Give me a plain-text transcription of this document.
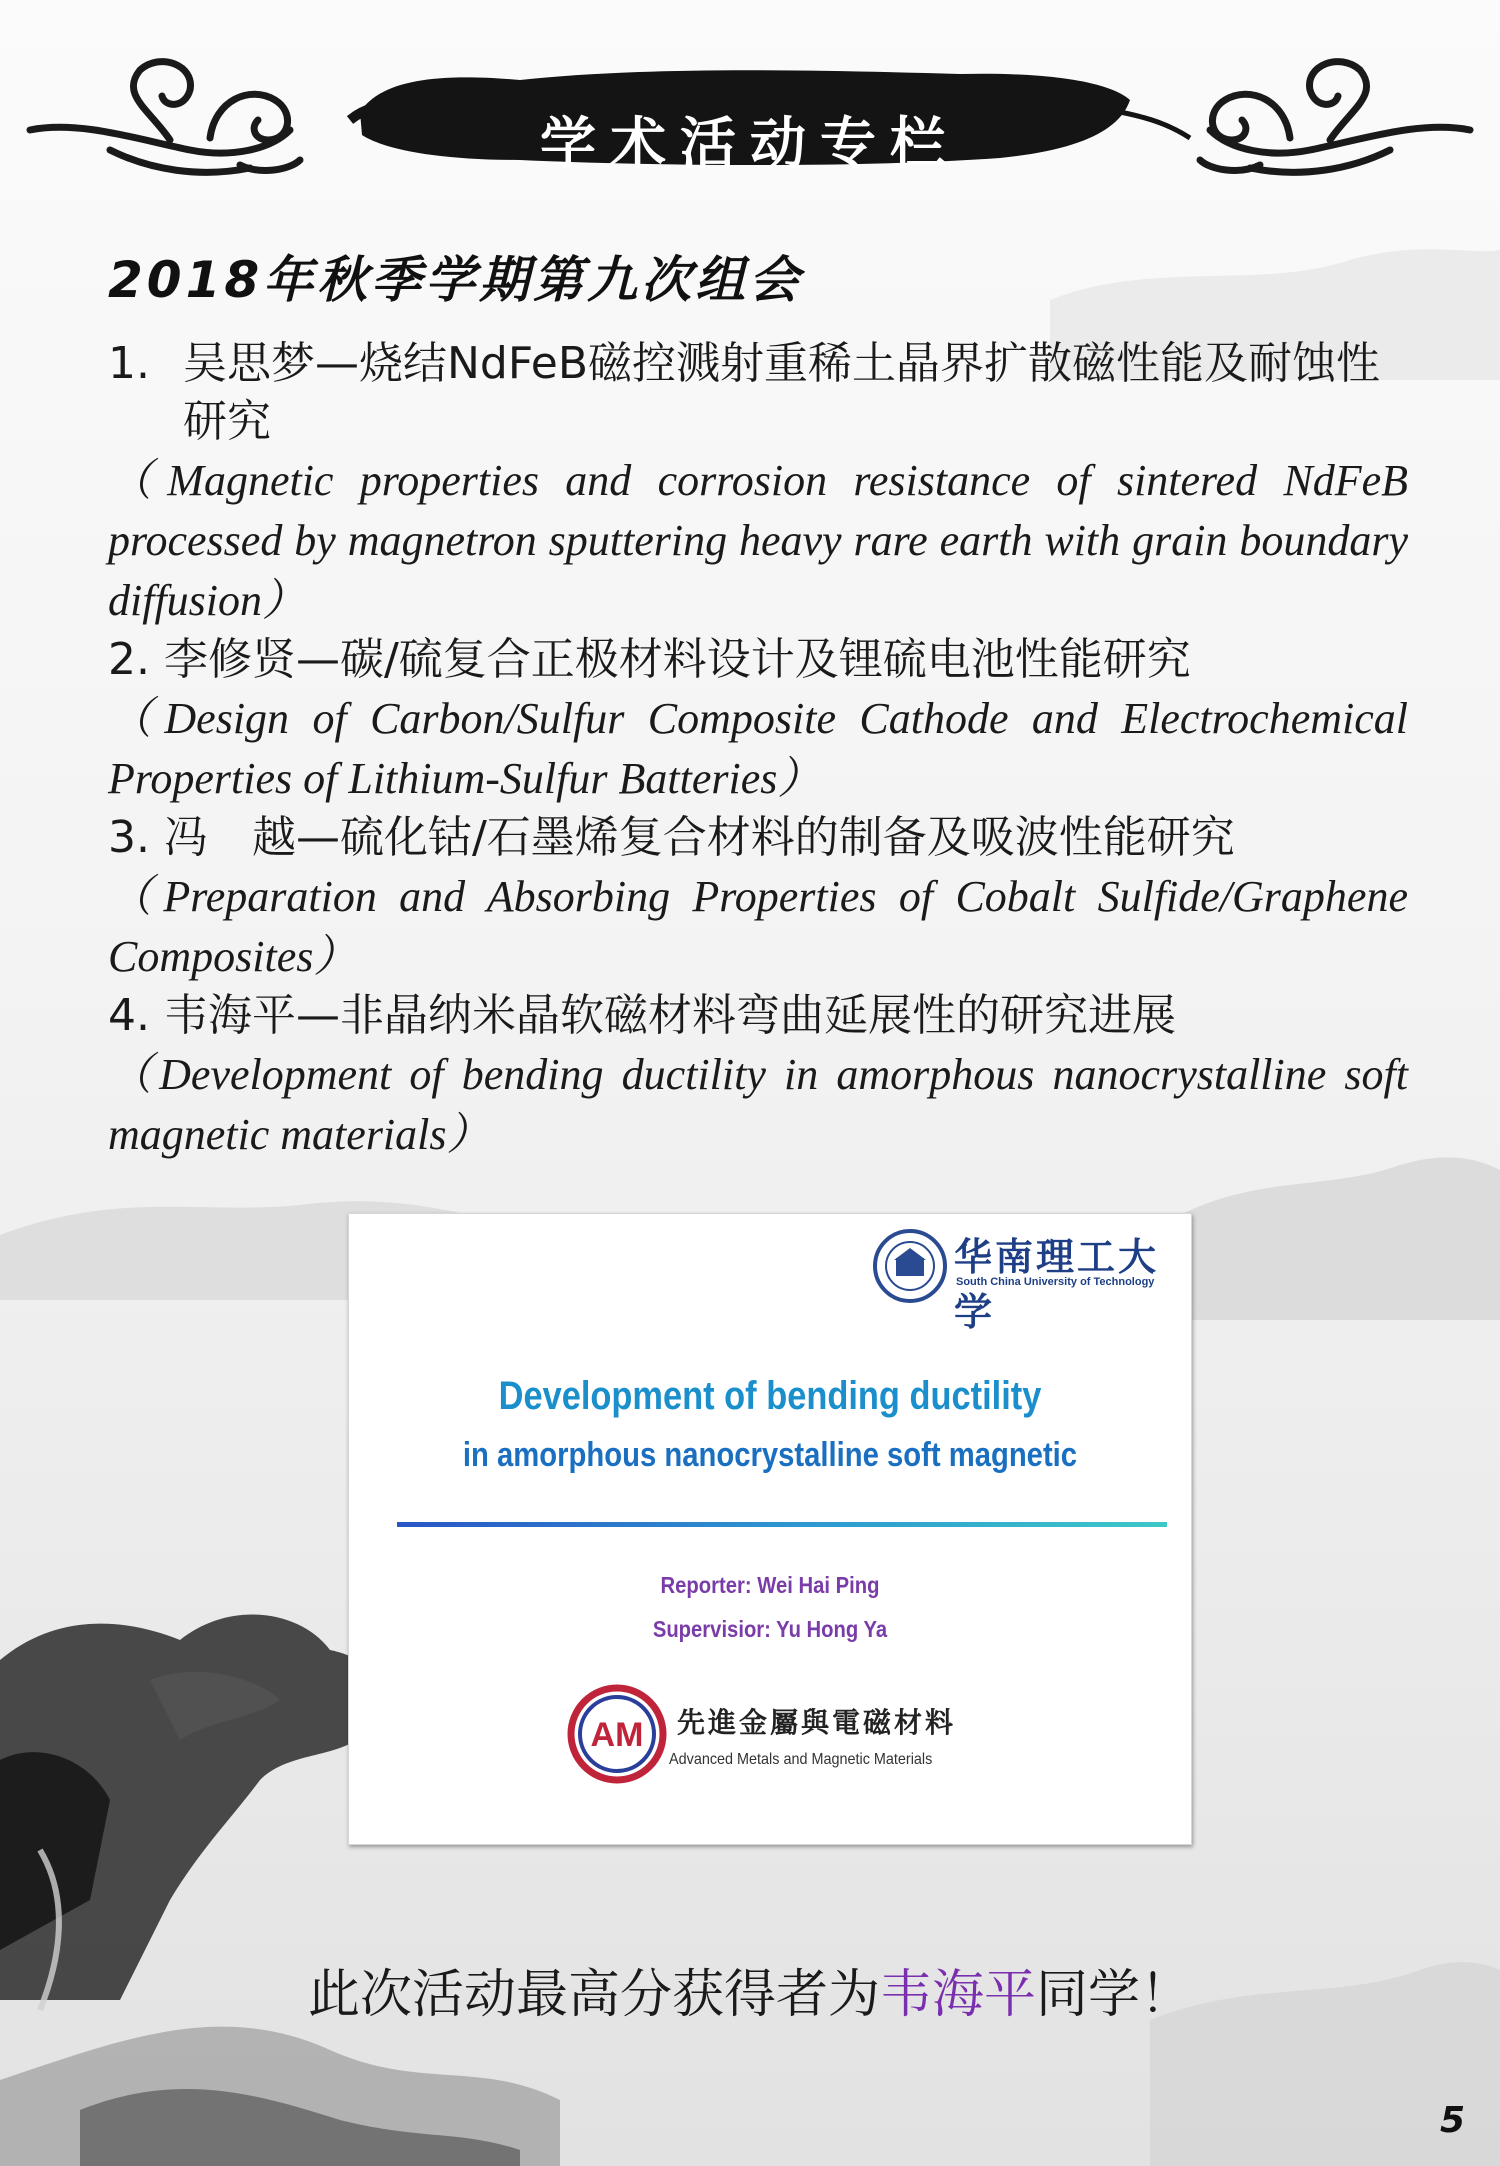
学术活动专栏
2018年秋季学期第九次组会
1. 吴思梦—烧结NdFeB磁控溅射重稀土晶界扩散磁性能及耐蚀性研究
（Magnetic properties and corrosion resistance of sintered NdFeB processed by magnetron sputtering heavy rare earth with grain boundary diffusion）
2. 李修贤—碳/硫复合正极材料设计及锂硫电池性能研究
（Design of Carbon/Sulfur Composite Cathode and Electrochemical Properties of Lithium-Sulfur Batteries）
3. 冯　越—硫化钴/石墨烯复合材料的制备及吸波性能研究
（Preparation and Absorbing Properties of Cobalt Sulfide/Graphene Composites）
4. 韦海平—非晶纳米晶软磁材料弯曲延展性的研究进展
（Development of bending ductility in amorphous nanocrystalline soft magnetic materials）
华南理工大学
South China University of Technology
Development of bending ductility
in amorphous nanocrystalline soft magnetic
Reporter: Wei Hai Ping
Supervisior: Yu Hong Ya
AM 先進金屬與電磁材料
Advanced Metals and Magnetic Materials
此次活动最高分获得者为韦海平同学！
5
